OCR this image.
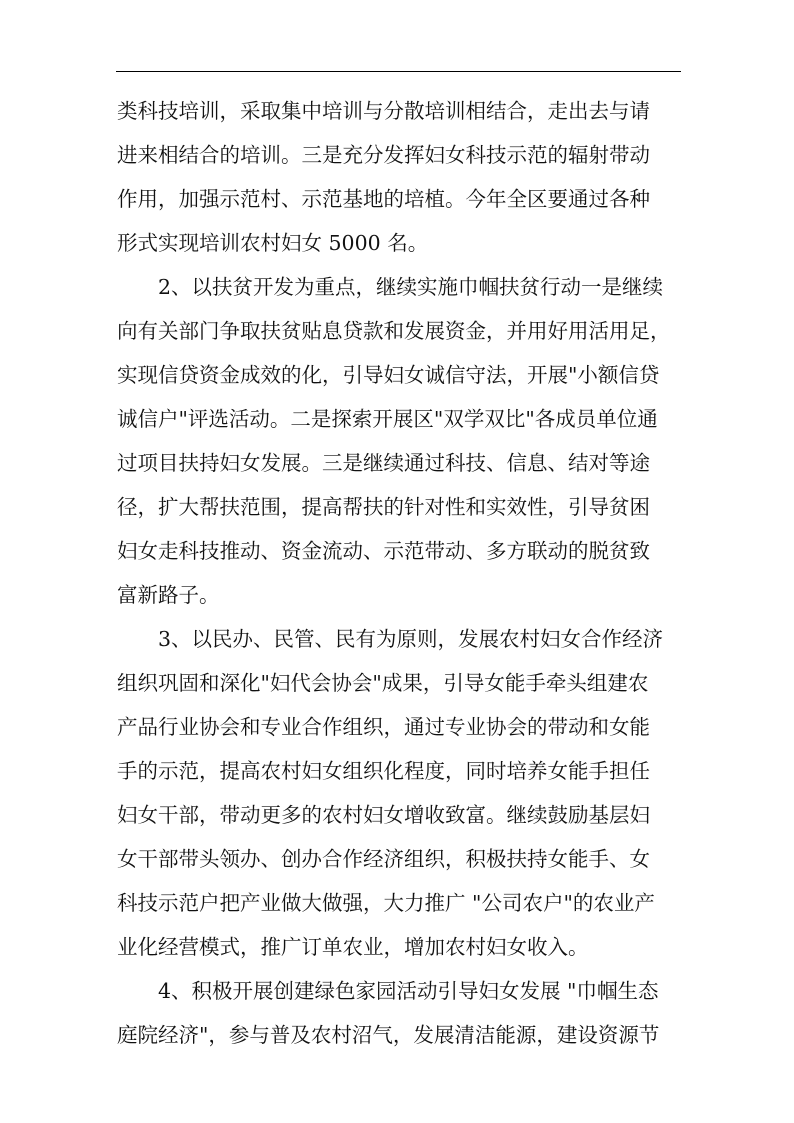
类科技培训，采取集中培训与分散培训相结合，走出去与请
进来相结合的培训。三是充分发挥妇女科技示范的辐射带动
作用，加强示范村、示范基地的培植。今年全区要通过各种
形式实现培训农村妇女 5000 名。
　　2、以扶贫开发为重点，继续实施巾帼扶贫行动一是继续
向有关部门争取扶贫贴息贷款和发展资金，并用好用活用足，
实现信贷资金成效的化，引导妇女诚信守法，开展"小额信贷
诚信户"评选活动。二是探索开展区"双学双比"各成员单位通
过项目扶持妇女发展。三是继续通过科技、信息、结对等途
径，扩大帮扶范围，提高帮扶的针对性和实效性，引导贫困
妇女走科技推动、资金流动、示范带动、多方联动的脱贫致
富新路子。
　　3、以民办、民管、民有为原则，发展农村妇女合作经济
组织巩固和深化"妇代会协会"成果，引导女能手牵头组建农
产品行业协会和专业合作组织，通过专业协会的带动和女能
手的示范，提高农村妇女组织化程度，同时培养女能手担任
妇女干部，带动更多的农村妇女增收致富。继续鼓励基层妇
女干部带头领办、创办合作经济组织，积极扶持女能手、女
科技示范户把产业做大做强，大力推广 "公司农户"的农业产
业化经营模式，推广订单农业，增加农村妇女收入。
　　4、积极开展创建绿色家园活动引导妇女发展 "巾帼生态
庭院经济"，参与普及农村沼气，发展清洁能源，建设资源节
